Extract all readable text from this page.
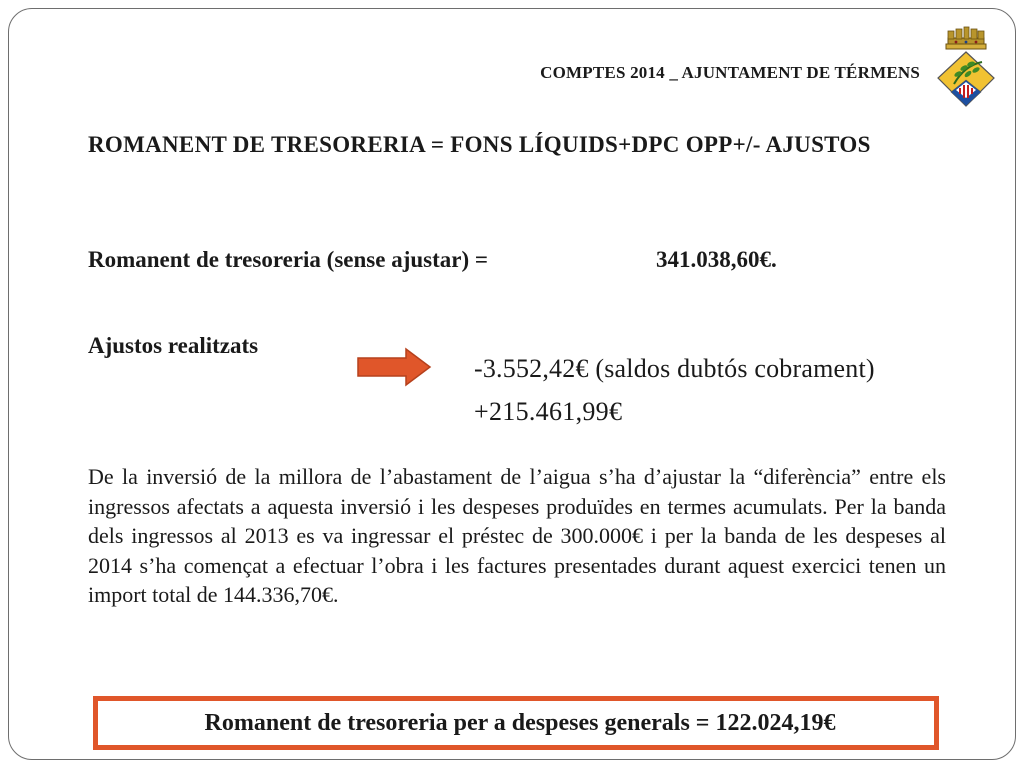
COMPTES 2014 _ AJUNTAMENT DE TÉRMENS
ROMANENT DE TRESORERIA = FONS LÍQUIDS+DPC OPP+/- AJUSTOS
Romanent de tresoreria (sense ajustar) =	341.038,60€.
Ajustos realitzats
-3.552,42€ (saldos dubtós cobrament)
+215.461,99€
De la inversió de la millora de l’abastament de l’aigua s’ha d’ajustar la “diferència” entre els ingressos afectats a aquesta inversió i les despeses produïdes en termes acumulats. Per la banda dels ingressos al 2013 es va ingressar el préstec de 300.000€ i per la banda de les despeses al 2014 s’ha començat a efectuar l’obra i les factures presentades durant aquest exercici tenen un import total de 144.336,70€.
Romanent de tresoreria per a despeses generals = 122.024,19€
